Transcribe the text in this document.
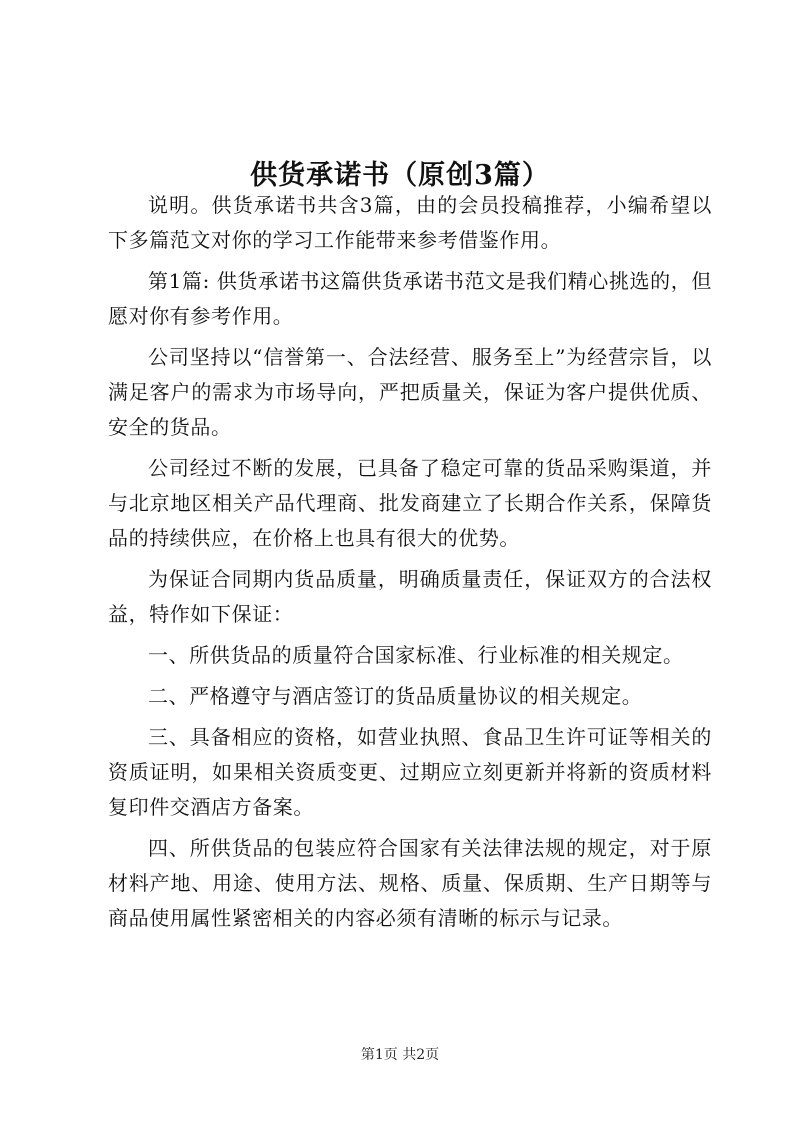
供货承诺书（原创3篇）

说明。供货承诺书共含3篇，由的会员投稿推荐，小编希望以下多篇范文对你的学习工作能带来参考借鉴作用。

第1篇: 供货承诺书这篇供货承诺书范文是我们精心挑选的，但愿对你有参考作用。

公司坚持以“信誉第一、合法经营、服务至上”为经营宗旨，以满足客户的需求为市场导向，严把质量关，保证为客户提供优质、安全的货品。

公司经过不断的发展，已具备了稳定可靠的货品采购渠道，并与北京地区相关产品代理商、批发商建立了长期合作关系，保障货品的持续供应，在价格上也具有很大的优势。

为保证合同期内货品质量，明确质量责任，保证双方的合法权益，特作如下保证：

一、所供货品的质量符合国家标准、行业标准的相关规定。

二、严格遵守与酒店签订的货品质量协议的相关规定。

三、具备相应的资格，如营业执照、食品卫生许可证等相关的资质证明，如果相关资质变更、过期应立刻更新并将新的资质材料复印件交酒店方备案。

四、所供货品的包装应符合国家有关法律法规的规定，对于原材料产地、用途、使用方法、规格、质量、保质期、生产日期等与商品使用属性紧密相关的内容必须有清晰的标示与记录。

第1页 共2页
